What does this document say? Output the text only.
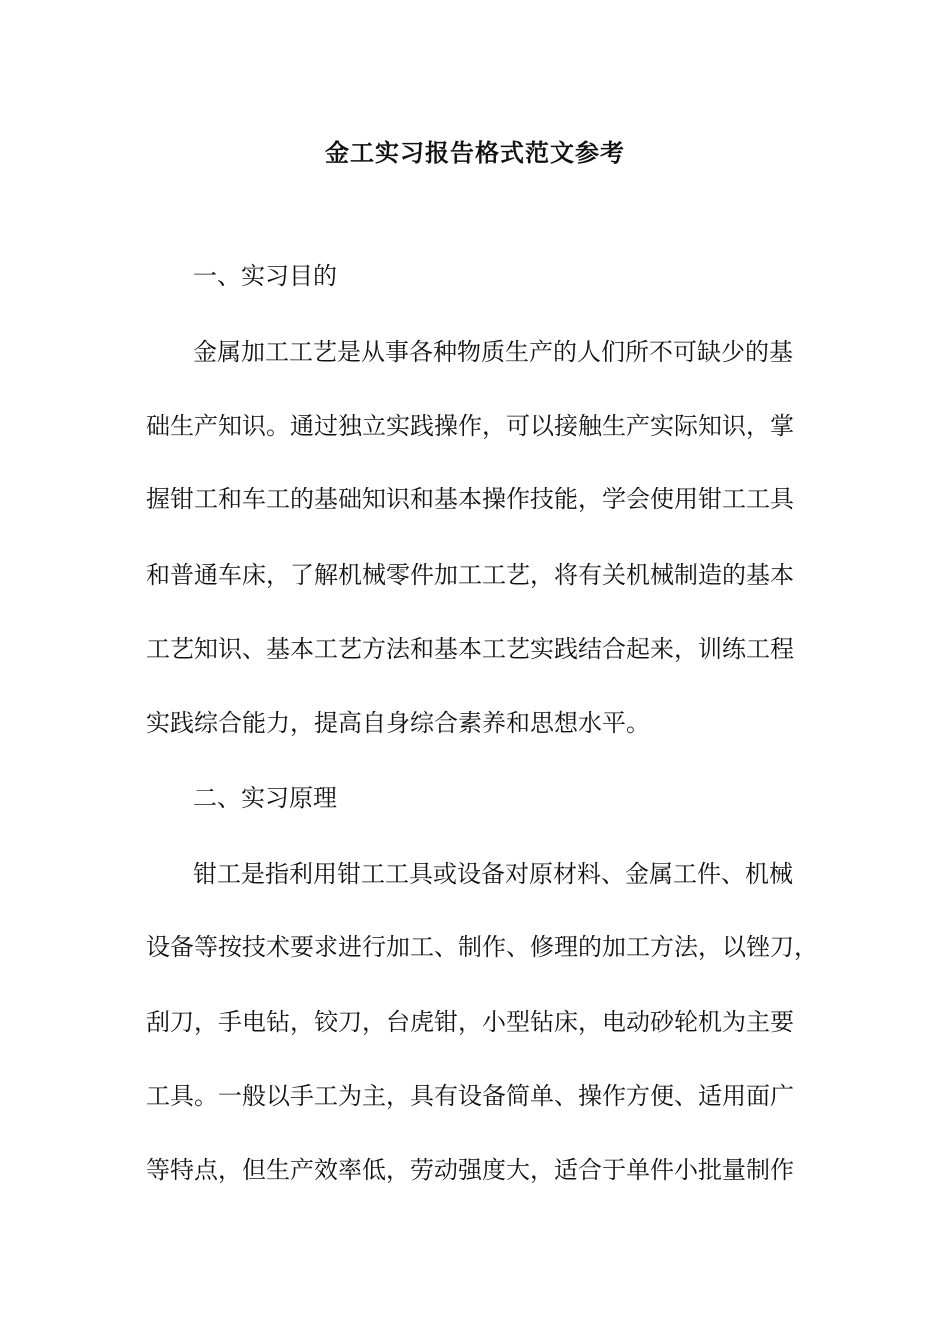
金工实习报告格式范文参考

一、实习目的

金属加工工艺是从事各种物质生产的人们所不可缺少的基

础生产知识。通过独立实践操作，可以接触生产实际知识，掌

握钳工和车工的基础知识和基本操作技能，学会使用钳工工具

和普通车床，了解机械零件加工工艺，将有关机械制造的基本

工艺知识、基本工艺方法和基本工艺实践结合起来，训练工程

实践综合能力，提高自身综合素养和思想水平。

二、实习原理

钳工是指利用钳工工具或设备对原材料、金属工件、机械

设备等按技术要求进行加工、制作、修理的加工方法，以锉刀，

刮刀，手电钻，铰刀，台虎钳，小型钻床，电动砂轮机为主要

工具。一般以手工为主，具有设备简单、操作方便、适用面广

等特点，但生产效率低，劳动强度大，适合于单件小批量制作
